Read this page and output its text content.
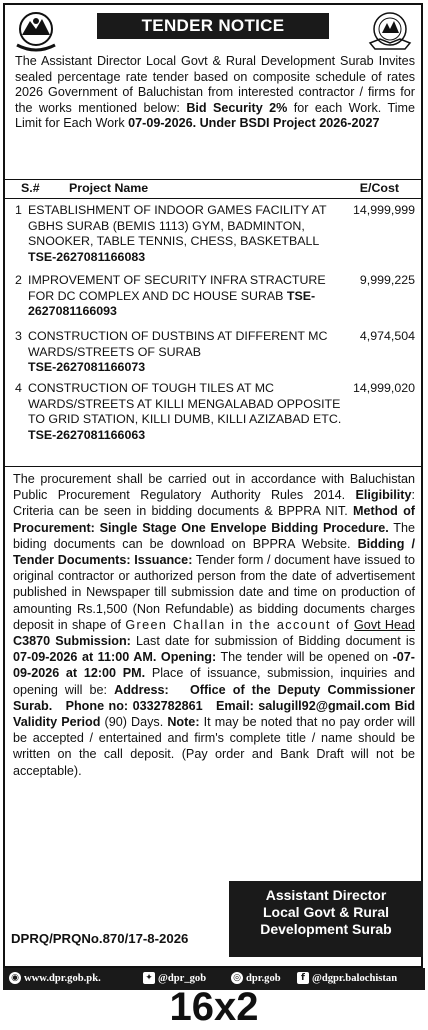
TENDER NOTICE
The Assistant Director Local Govt & Rural Development Surab Invites sealed percentage rate tender based on composite schedule of rates 2026 Government of Baluchistan from interested contractor / firms for the works mentioned below: Bid Security 2% for each Work. Time Limit for Each Work 07-09-2026. Under BSDI Project 2026-2027
S.# Project Name	E/Cost
1 ESTABLISHMENT OF INDOOR GAMES FACILITY AT GBHS SURAB (BEMIS 1113) GYM, BADMINTON, SNOOKER, TABLE TENNIS, CHESS, BASKETBALL TSE-2627081166083
14,999,999
2 IMPROVEMENT OF SECURITY INFRA STRACTURE FOR DC COMPLEX AND DC HOUSE SURAB TSE-2627081166093
9,999,225
3 CONSTRUCTION OF DUSTBINS AT DIFFERENT MC WARDS/STREETS OF SURAB
TSE-2627081166073
4,974,504
4 CONSTRUCTION OF TOUGH TILES AT MC WARDS/STREETS AT KILLI MENGALABAD OPPOSITE TO GRID STATION, KILLI DUMB, KILLI AZIZABAD ETC. TSE-2627081166063
14,999,020
The procurement shall be carried out in accordance with Baluchistan Public Procurement Regulatory Authority Rules 2014. Eligibility: Criteria can be seen in bidding documents & BPPRA NIT. Method of Procurement: Single Stage One Envelope Bidding Procedure. The biding documents can be download on BPPRA Website. Bidding / Tender Documents: Issuance: Tender form / document have issued to original contractor or authorized person from the date of advertisement published in Newspaper till submission date and time on production of amounting Rs.1,500 (Non Refundable) as bidding documents charges deposit in shape of Green Challan in the account of Govt Head C3870 Submission: Last date for submission of Bidding document is 07-09-2026 at 11:00 AM. Opening: The tender will be opened on -07-09-2026 at 12:00 PM. Place of issuance, submission, inquiries and opening will be: Address: Office of the Deputy Commissioner Surab. Phone no: 0332782861 Email: salugill92@gmail.com Bid Validity Period (90) Days. Note: It may be noted that no pay order will be accepted / entertained and firm's complete title / name should be written on the call deposit. (Pay order and Bank Draft will not be acceptable).
Assistant Director
Local Govt & Rural
Development Surab
DPRQ/PRQNo.870/17-8-2026
◉ www.dpr.gob.pk.	✦ @dpr_gob	◎ dpr.gob	f @dgpr.balochistan
16x2
